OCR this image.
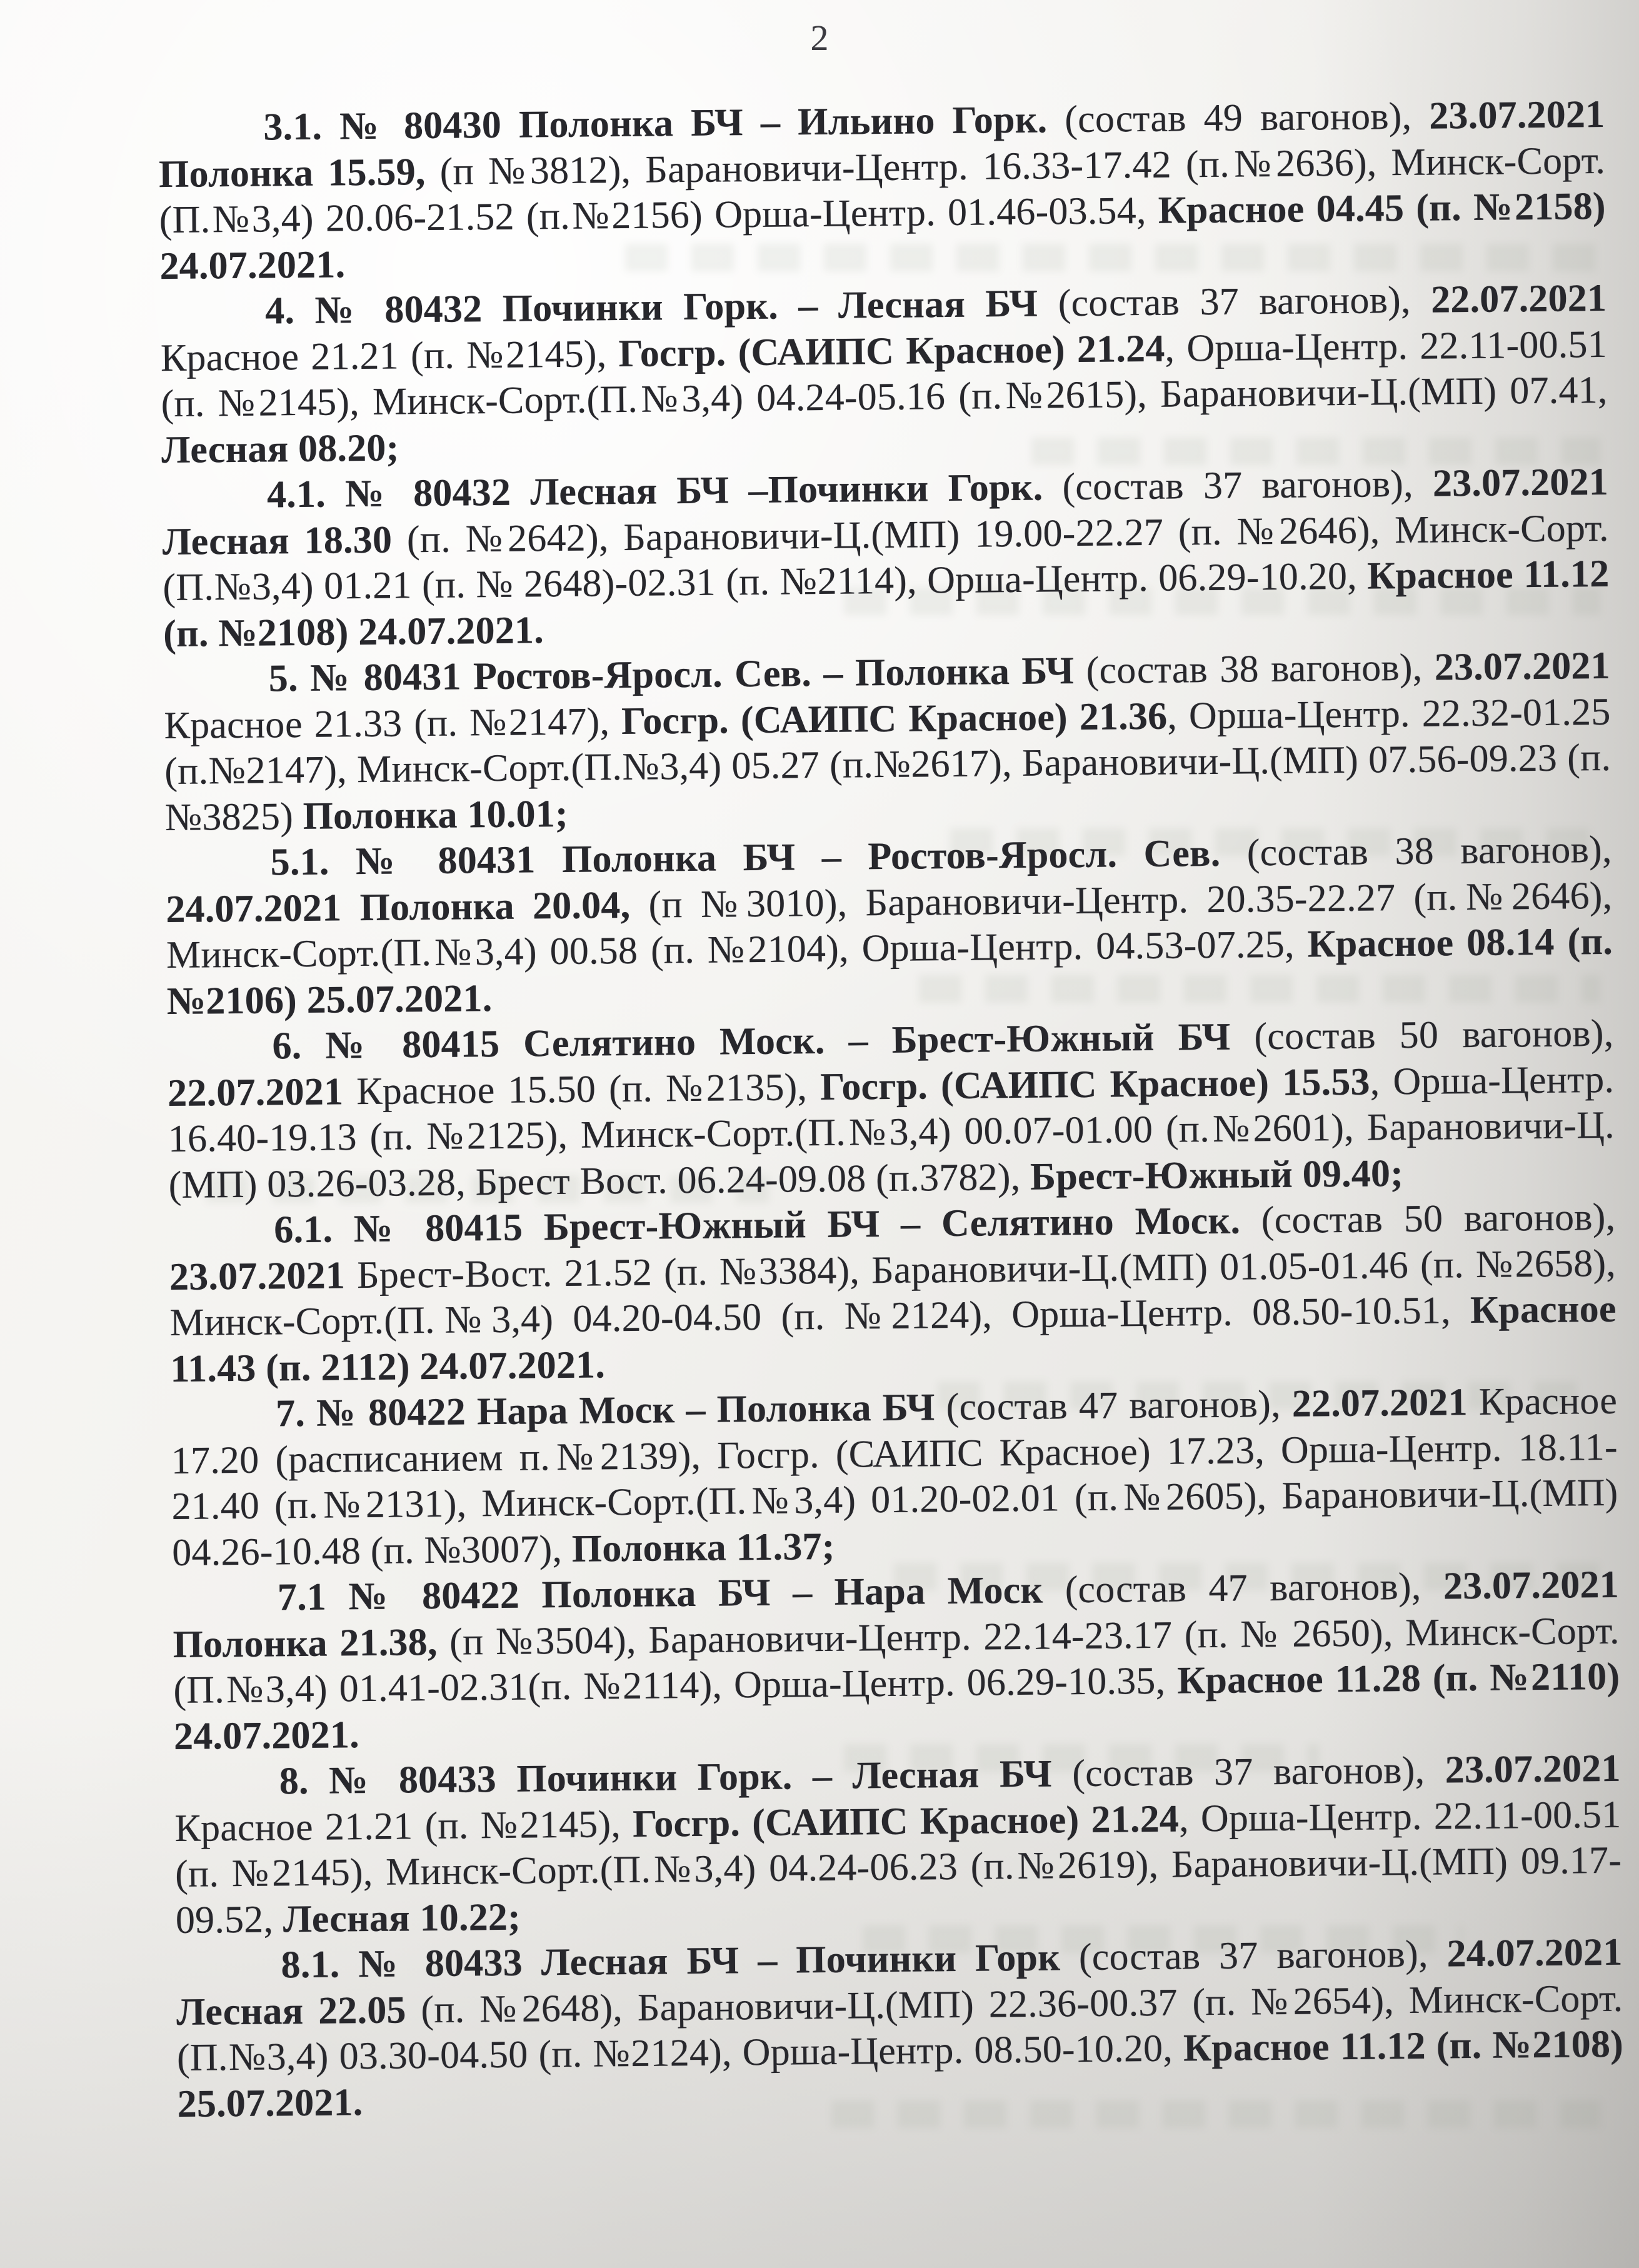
2

3.1. № 80430 Полонка БЧ – Ильино Горк. (состав 49 вагонов), 23.07.2021 Полонка 15.59, (п №3812), Барановичи-Центр. 16.33-17.42 (п.№2636), Минск-Сорт.(П.№3,4) 20.06-21.52 (п.№2156) Орша-Центр. 01.46-03.54, Красное 04.45 (п. №2158) 24.07.2021.

4. № 80432 Починки Горк. – Лесная БЧ (состав 37 вагонов), 22.07.2021 Красное 21.21 (п. №2145), Госгр. (САИПС Красное) 21.24, Орша-Центр. 22.11-00.51 (п. №2145), Минск-Сорт.(П.№3,4) 04.24-05.16 (п.№2615), Барановичи-Ц.(МП) 07.41, Лесная 08.20;

4.1. № 80432 Лесная БЧ –Починки Горк. (состав 37 вагонов), 23.07.2021 Лесная 18.30 (п. №2642), Барановичи-Ц.(МП) 19.00-22.27 (п. №2646), Минск-Сорт.(П.№3,4) 01.21 (п. № 2648)-02.31 (п. №2114), Орша-Центр. 06.29-10.20, Красное 11.12 (п. №2108) 24.07.2021.

5. № 80431 Ростов-Яросл. Сев. – Полонка БЧ (состав 38 вагонов), 23.07.2021 Красное 21.33 (п. №2147), Госгр. (САИПС Красное) 21.36, Орша-Центр. 22.32-01.25 (п.№2147), Минск-Сорт.(П.№3,4) 05.27 (п.№2617), Барановичи-Ц.(МП) 07.56-09.23 (п. №3825) Полонка 10.01;

5.1. № 80431 Полонка БЧ – Ростов-Яросл. Сев. (состав 38 вагонов), 24.07.2021 Полонка 20.04, (п №3010), Барановичи-Центр. 20.35-22.27 (п.№2646), Минск-Сорт.(П.№3,4) 00.58 (п. №2104), Орша-Центр. 04.53-07.25, Красное 08.14 (п. №2106) 25.07.2021.

6. № 80415 Селятино Моск. – Брест-Южный БЧ (состав 50 вагонов), 22.07.2021 Красное 15.50 (п. №2135), Госгр. (САИПС Красное) 15.53, Орша-Центр. 16.40-19.13 (п. №2125), Минск-Сорт.(П.№3,4) 00.07-01.00 (п.№2601), Барановичи-Ц.(МП) 03.26-03.28, Брест Вост. 06.24-09.08 (п.3782), Брест-Южный 09.40;

6.1. № 80415 Брест-Южный БЧ – Селятино Моск. (состав 50 вагонов), 23.07.2021 Брест-Вост. 21.52 (п. №3384), Барановичи-Ц.(МП) 01.05-01.46 (п. №2658), Минск-Сорт.(П.№3,4) 04.20-04.50 (п. №2124), Орша-Центр. 08.50-10.51, Красное 11.43 (п. 2112) 24.07.2021.

7. № 80422 Нара Моск – Полонка БЧ (состав 47 вагонов), 22.07.2021 Красное 17.20 (расписанием п.№2139), Госгр. (САИПС Красное) 17.23, Орша-Центр. 18.11-21.40 (п.№2131), Минск-Сорт.(П.№3,4) 01.20-02.01 (п.№2605), Барановичи-Ц.(МП) 04.26-10.48 (п. №3007), Полонка 11.37;

7.1 № 80422 Полонка БЧ – Нара Моск (состав 47 вагонов), 23.07.2021 Полонка 21.38, (п №3504), Барановичи-Центр. 22.14-23.17 (п. № 2650), Минск-Сорт.(П.№3,4) 01.41-02.31(п. №2114), Орша-Центр. 06.29-10.35, Красное 11.28 (п. №2110) 24.07.2021.

8. № 80433 Починки Горк. – Лесная БЧ (состав 37 вагонов), 23.07.2021 Красное 21.21 (п. №2145), Госгр. (САИПС Красное) 21.24, Орша-Центр. 22.11-00.51 (п. №2145), Минск-Сорт.(П.№3,4) 04.24-06.23 (п.№2619), Барановичи-Ц.(МП) 09.17-09.52, Лесная 10.22;

8.1. № 80433 Лесная БЧ – Починки Горк (состав 37 вагонов), 24.07.2021 Лесная 22.05 (п. №2648), Барановичи-Ц.(МП) 22.36-00.37 (п. №2654), Минск-Сорт.(П.№3,4) 03.30-04.50 (п. №2124), Орша-Центр. 08.50-10.20, Красное 11.12 (п. №2108) 25.07.2021.
